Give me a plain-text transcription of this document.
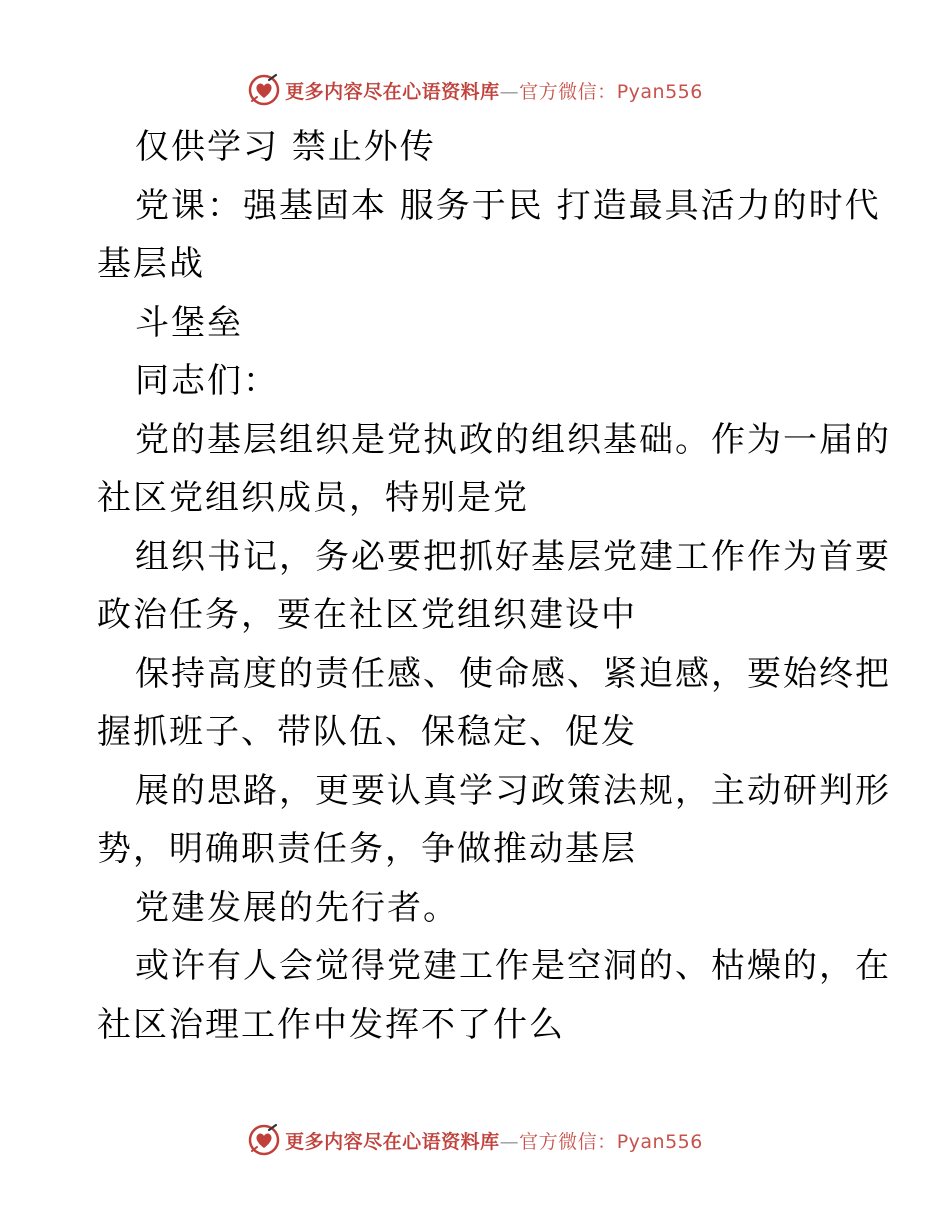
更多内容尽在心语资料库—官方微信：Pyan556
仅供学习 禁止外传
党课：强基固本 服务于民 打造最具活力的时代
基层战
斗堡垒
同志们：
党的基层组织是党执政的组织基础。作为一届的
社区党组织成员，特别是党
组织书记，务必要把抓好基层党建工作作为首要
政治任务，要在社区党组织建设中
保持高度的责任感、使命感、紧迫感，要始终把
握抓班子、带队伍、保稳定、促发
展的思路，更要认真学习政策法规，主动研判形
势，明确职责任务，争做推动基层
党建发展的先行者。
或许有人会觉得党建工作是空洞的、枯燥的，在
社区治理工作中发挥不了什么
更多内容尽在心语资料库—官方微信：Pyan556
